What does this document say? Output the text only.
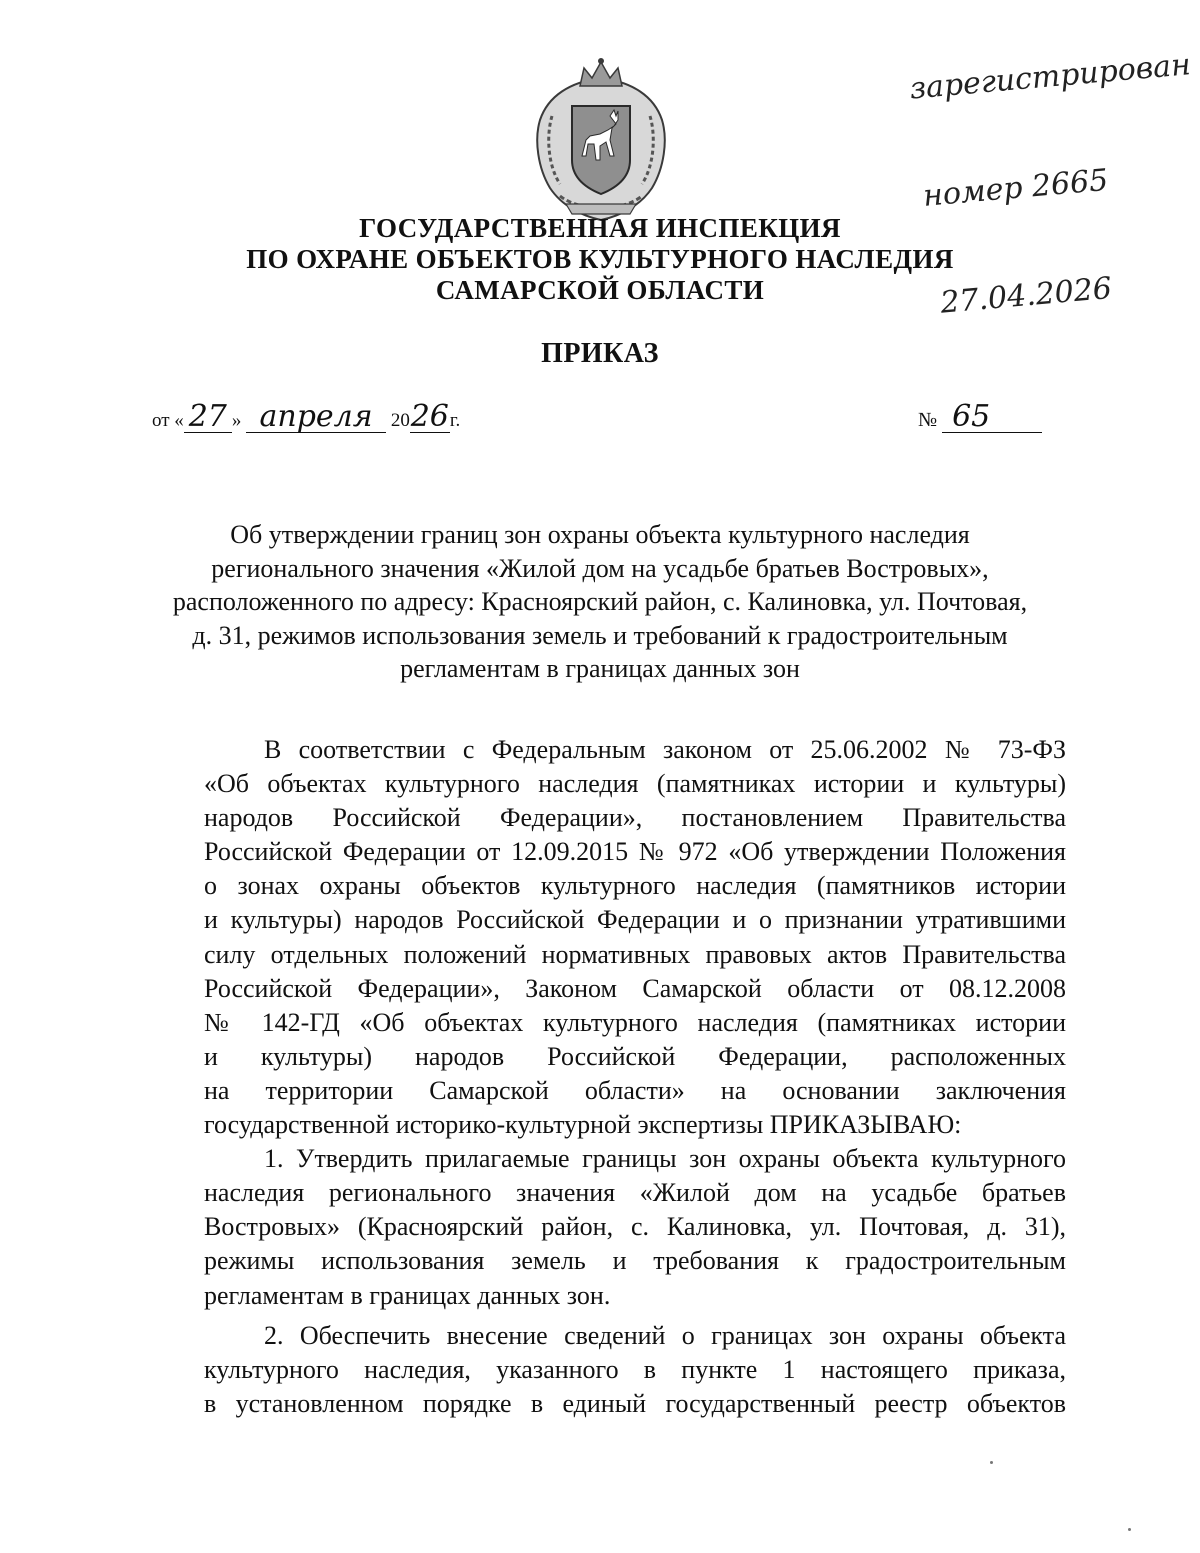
зарегистрирован

номер 2665

27.04.2026

ГОСУДАРСТВЕННАЯ ИНСПЕКЦИЯ
ПО ОХРАНЕ ОБЪЕКТОВ КУЛЬТУРНОГО НАСЛЕДИЯ
САМАРСКОЙ ОБЛАСТИ
ПРИКАЗ
от « 27 » апреля 2026г.	№ 65
Об утверждении границ зон охраны объекта культурного наследия
регионального значения «Жилой дом на усадьбе братьев Востровых»,
расположенного по адресу: Красноярский район, с. Калиновка, ул. Почтовая,
д. 31, режимов использования земель и требований к градостроительным
регламентам в границах данных зон
В соответствии с Федеральным законом от 25.06.2002 № 73-ФЗ
«Об объектах культурного наследия (памятниках истории и культуры)
народов Российской Федерации», постановлением Правительства
Российской Федерации от 12.09.2015 № 972 «Об утверждении Положения
о зонах охраны объектов культурного наследия (памятников истории
и культуры) народов Российской Федерации и о признании утратившими
силу отдельных положений нормативных правовых актов Правительства
Российской Федерации», Законом Самарской области от 08.12.2008
№ 142-ГД «Об объектах культурного наследия (памятниках истории
и культуры) народов Российской Федерации, расположенных
на территории Самарской области» на основании заключения
государственной историко-культурной экспертизы ПРИКАЗЫВАЮ:
1. Утвердить прилагаемые границы зон охраны объекта культурного
наследия регионального значения «Жилой дом на усадьбе братьев
Востровых» (Красноярский район, с. Калиновка, ул. Почтовая, д. 31),
режимы использования земель и требования к градостроительным
регламентам в границах данных зон.
2. Обеспечить внесение сведений о границах зон охраны объекта
культурного наследия, указанного в пункте 1 настоящего приказа,
в установленном порядке в единый государственный реестр объектов
